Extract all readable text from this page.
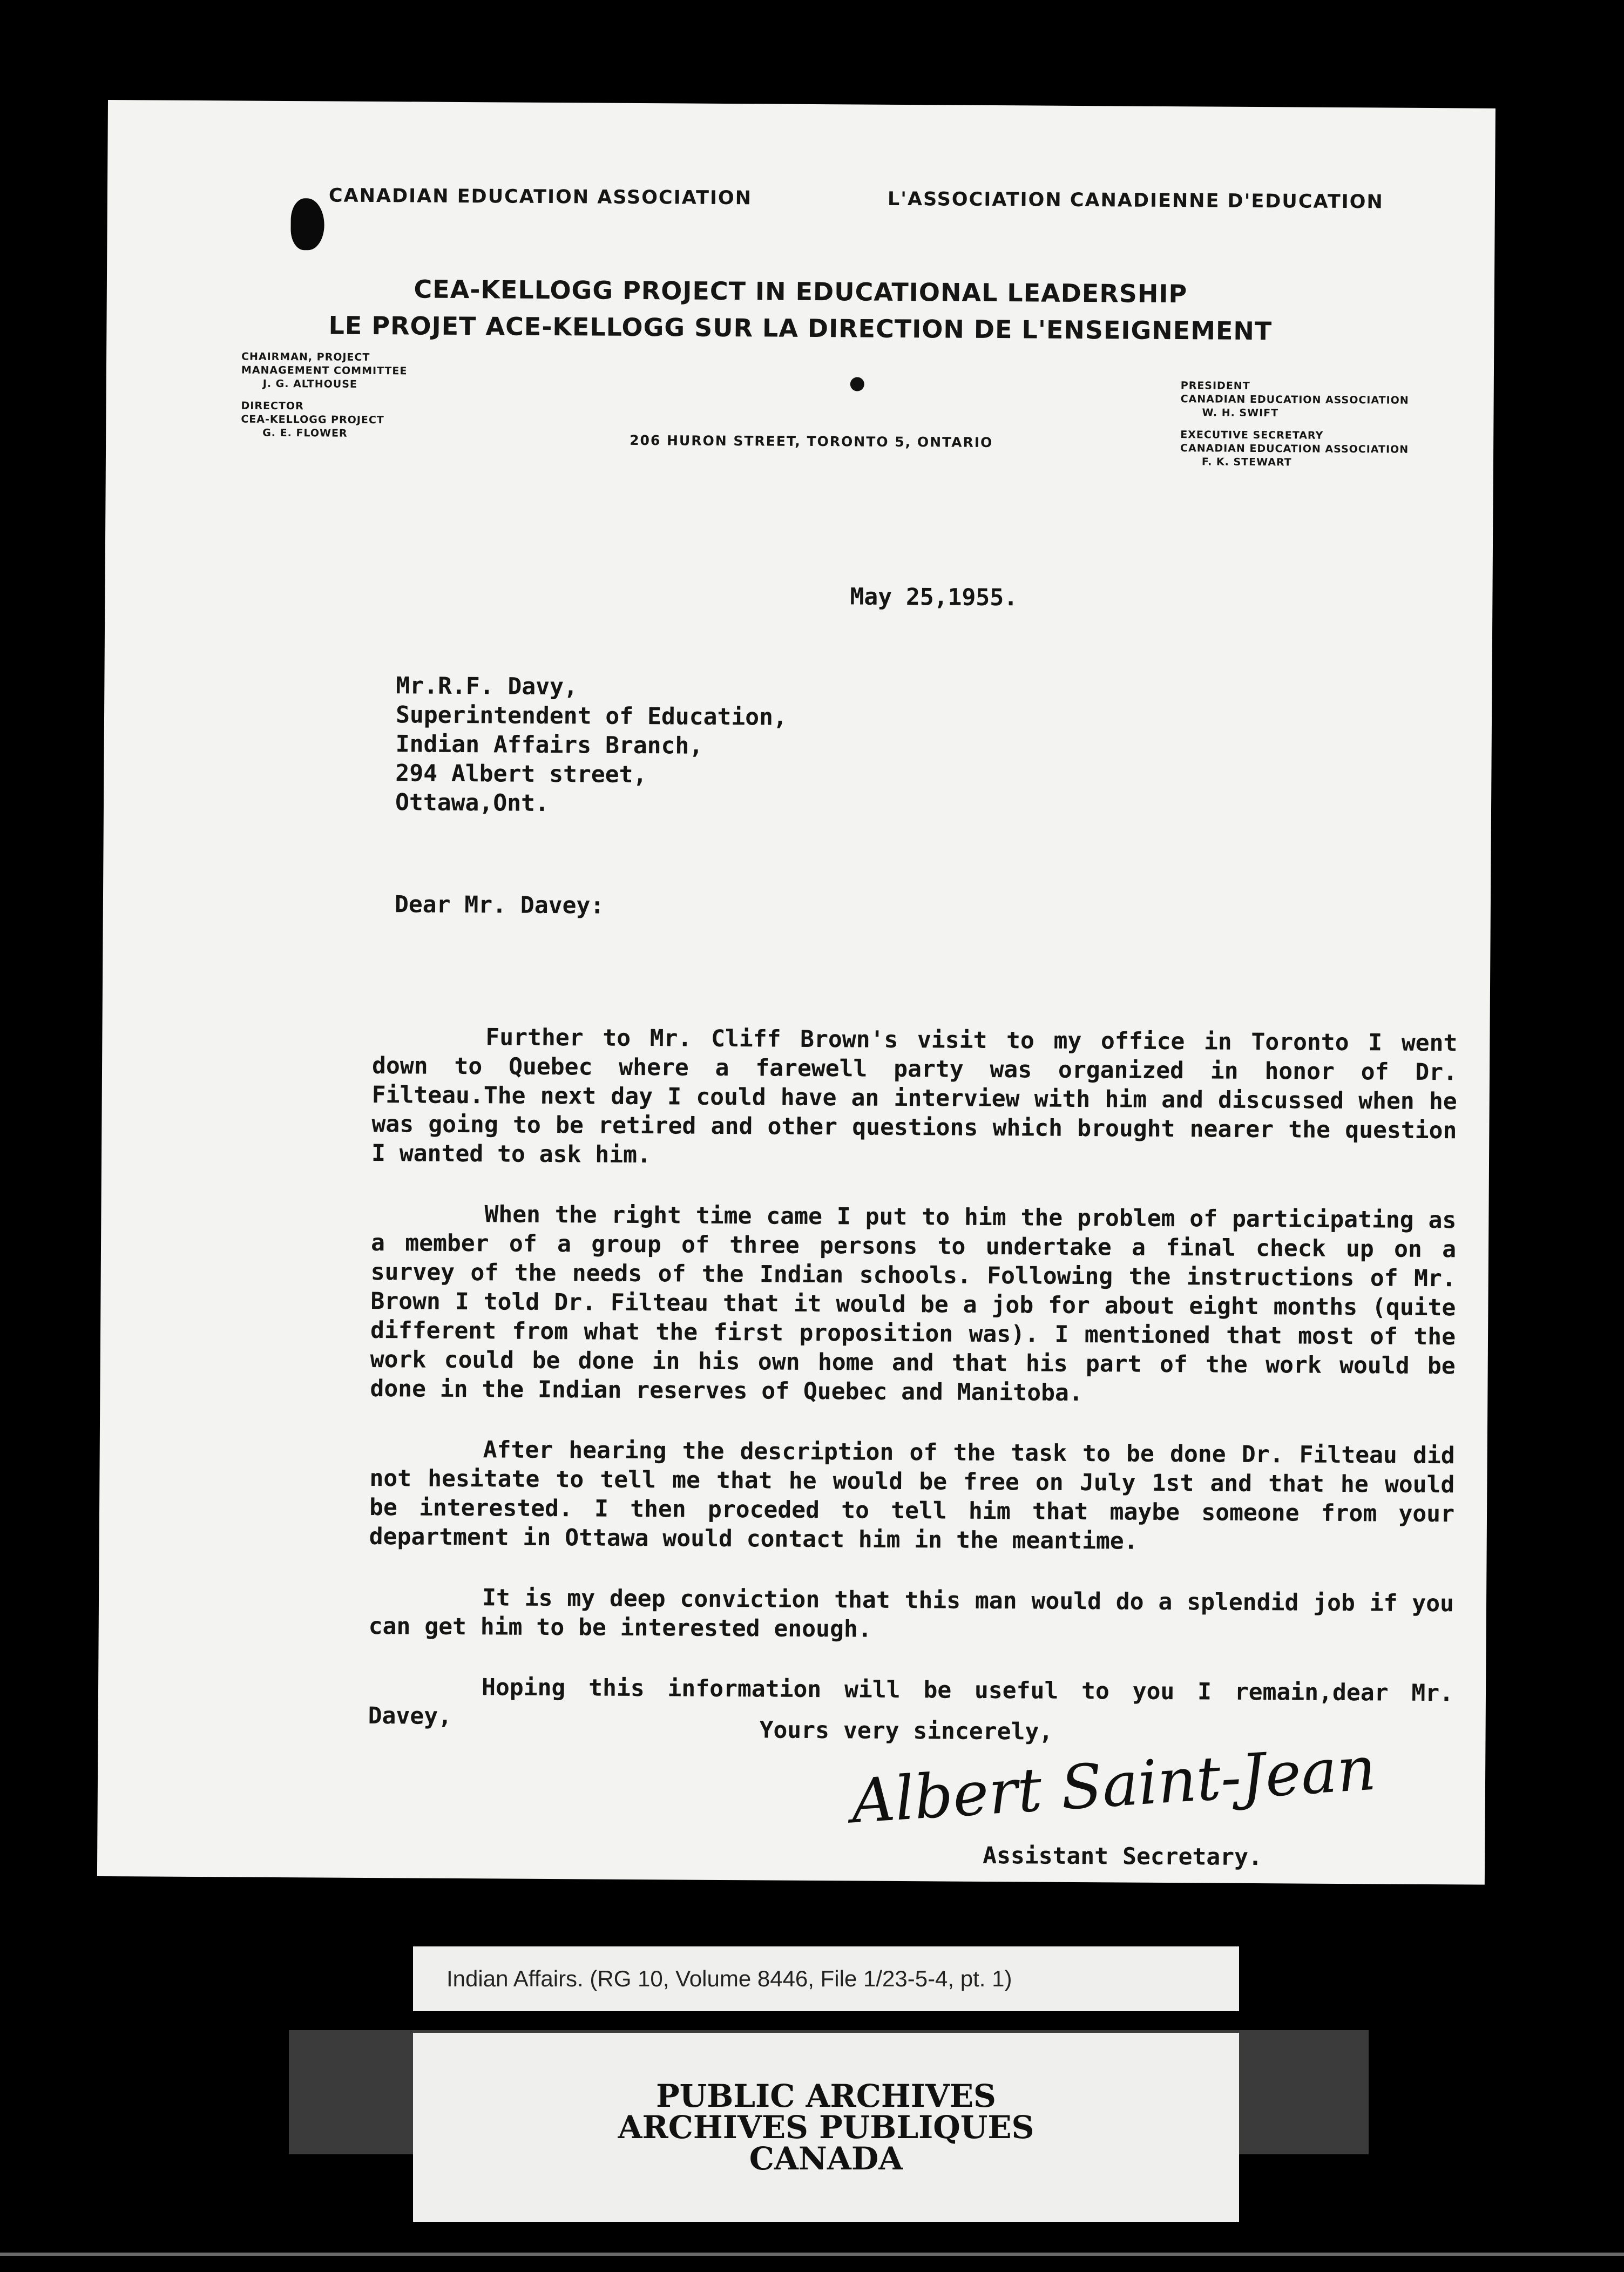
CANADIAN EDUCATION ASSOCIATION	L'ASSOCIATION CANADIENNE D'EDUCATION
CEA-KELLOGG PROJECT IN EDUCATIONAL LEADERSHIP
LE PROJET ACE-KELLOGG SUR LA DIRECTION DE L'ENSEIGNEMENT
CHAIRMAN, PROJECT
MANAGEMENT COMMITTEE
J. G. ALTHOUSE
DIRECTOR
CEA-KELLOGG PROJECT
G. E. FLOWER	206 HURON STREET, TORONTO 5, ONTARIO
PRESIDENT
CANADIAN EDUCATION ASSOCIATION
W. H. SWIFT
EXECUTIVE SECRETARY
CANADIAN EDUCATION ASSOCIATION
F. K. STEWART
May 25,1955.
Mr.R.F. Davy,
Superintendent of Education,
Indian Affairs Branch,
294 Albert street,
Ottawa,Ont.
Dear Mr. Davey:

Further to Mr. Cliff Brown's visit to my office in Toronto I went down to Quebec where a farewell party was organized in honor of Dr. Filteau.The next day I could have an interview with him and discussed when he was going to be retired and other questions which brought nearer the question I wanted to ask him.

When the right time came I put to him the problem of participating as a member of a group of three persons to undertake a final check up on a survey of the needs of the Indian schools. Following the instructions of Mr. Brown I told Dr. Filteau that it would be a job for about eight months (quite different from what the first proposition was). I mentioned that most of the work could be done in his own home and that his part of the work would be done in the Indian reserves of Quebec and Manitoba.

After hearing the description of the task to be done Dr. Filteau did not hesitate to tell me that he would be free on July 1st and that he would be interested. I then proceded to tell him that maybe someone from your department in Ottawa would contact him in the meantime.

It is my deep conviction that this man would do a splendid job if you can get him to be interested enough.

Hoping this information will be useful to you I remain,dear Mr. Davey,

Yours very sincerely,
Albert Saint-Jean
Assistant Secretary.
Indian Affairs. (RG 10, Volume 8446, File 1/23-5-4, pt. 1)
PUBLIC ARCHIVES
ARCHIVES PUBLIQUES
CANADA
